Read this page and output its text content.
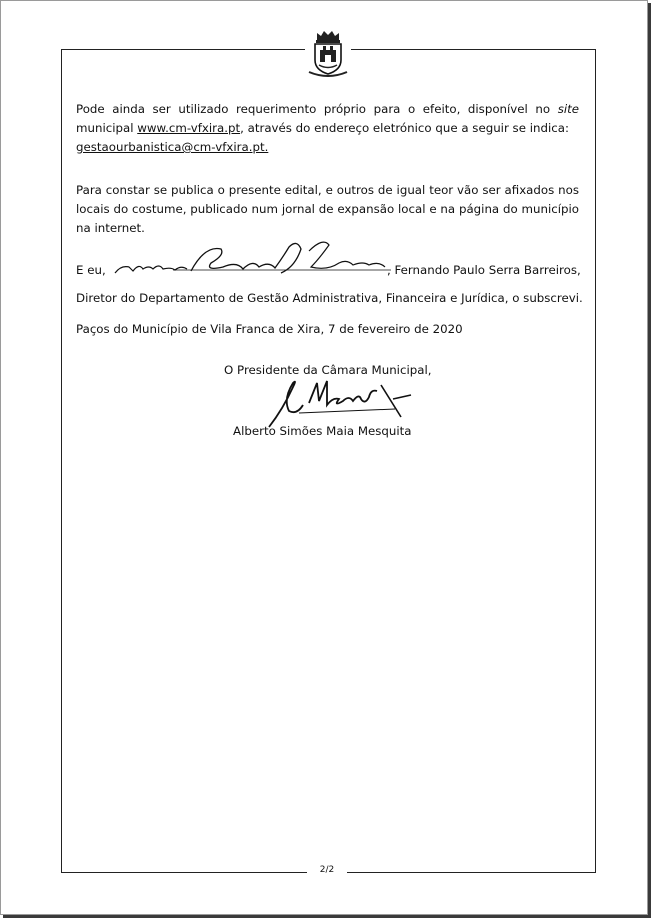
Pode ainda ser utilizado requerimento próprio para o efeito, disponível no site municipal www.cm-vfxira.pt, através do endereço eletrónico que a seguir se indica:
gestaourbanistica@cm-vfxira.pt.

Para constar se publica o presente edital, e outros de igual teor vão ser afixados nos locais do costume, publicado num jornal de expansão local e na página do município na internet.

E eu,	, Fernando Paulo Serra Barreiros,
Diretor do Departamento de Gestão Administrativa, Financeira e Jurídica, o subscrevi.
Paços do Município de Vila Franca de Xira, 7 de fevereiro de 2020
O Presidente da Câmara Municipal,
Alberto Simões Maia Mesquita
2/2
